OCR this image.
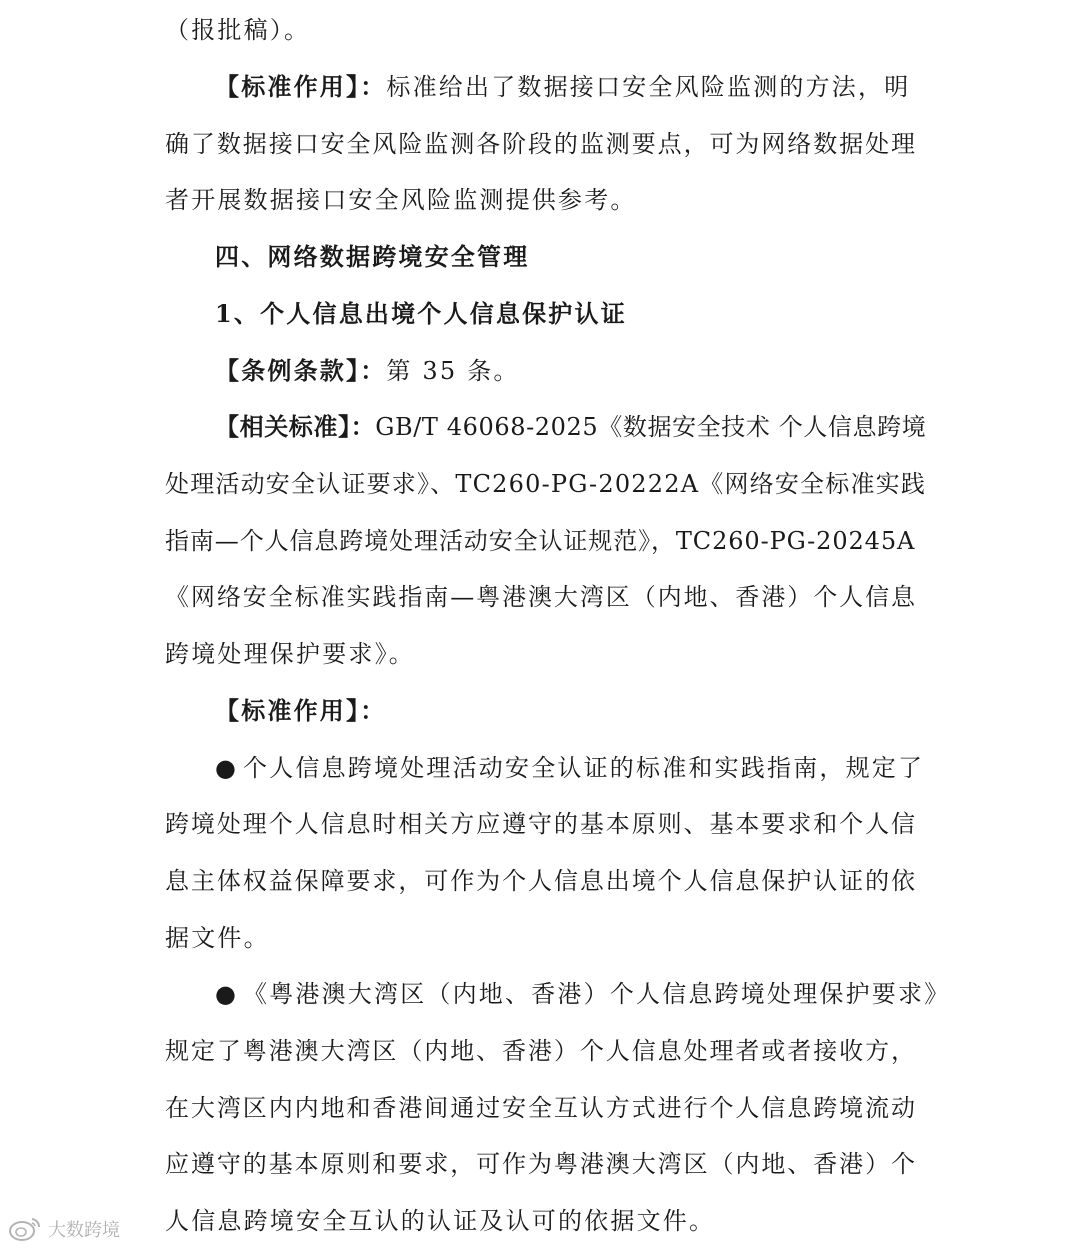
（报批稿）。
【标准作用】：标准给出了数据接口安全风险监测的方法，明
确了数据接口安全风险监测各阶段的监测要点，可为网络数据处理
者开展数据接口安全风险监测提供参考。
四、网络数据跨境安全管理
1、个人信息出境个人信息保护认证
【条例条款】：第 35 条。
【相关标准】：GB/T 46068-2025《数据安全技术 个人信息跨境
处理活动安全认证要求》、TC260-PG-20222A《网络安全标准实践
指南—个人信息跨境处理活动安全认证规范》，TC260-PG-20245A
《网络安全标准实践指南—粤港澳大湾区（内地、香港）个人信息
跨境处理保护要求》。
【标准作用】：
● 个人信息跨境处理活动安全认证的标准和实践指南，规定了
跨境处理个人信息时相关方应遵守的基本原则、基本要求和个人信
息主体权益保障要求，可作为个人信息出境个人信息保护认证的依
据文件。
● 《粤港澳大湾区（内地、香港）个人信息跨境处理保护要求》
规定了粤港澳大湾区（内地、香港）个人信息处理者或者接收方，
在大湾区内内地和香港间通过安全互认方式进行个人信息跨境流动
应遵守的基本原则和要求，可作为粤港澳大湾区（内地、香港）个
人信息跨境安全互认的认证及认可的依据文件。
大数跨境
